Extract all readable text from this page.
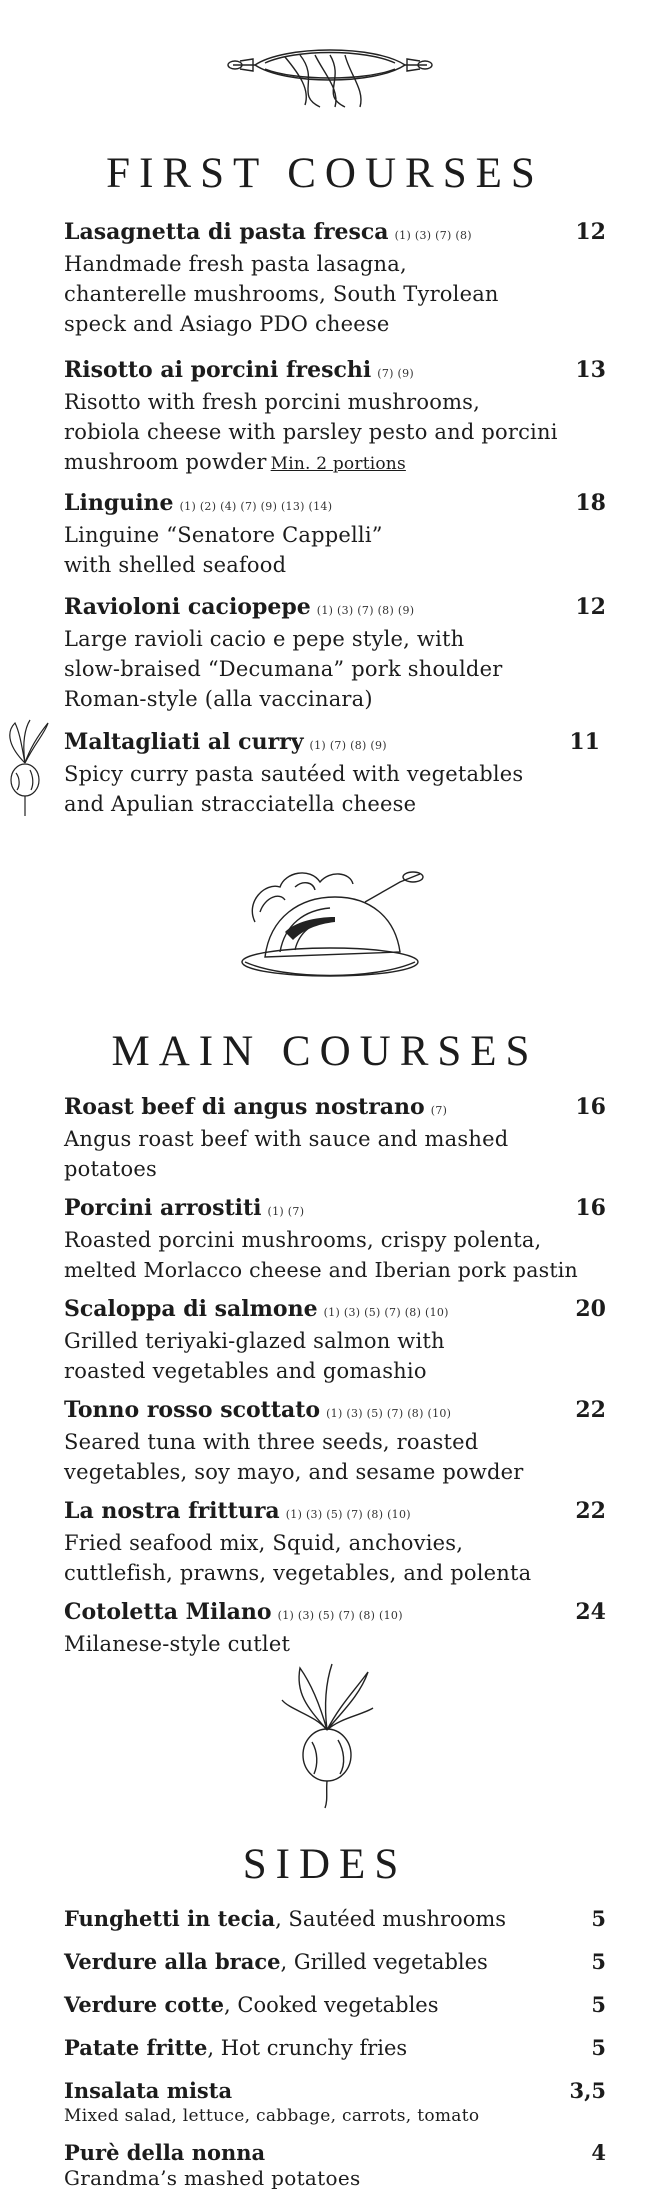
FIRST COURSES
Lasagnetta di pasta fresca (1) (3) (7) (8)	12
Handmade fresh pasta lasagna,
chanterelle mushrooms, South Tyrolean
speck and Asiago PDO cheese
Risotto ai porcini freschi (7) (9)	13
Risotto with fresh porcini mushrooms,
robiola cheese with parsley pesto and porcini
mushroom powder Min. 2 portions
Linguine (1) (2) (4) (7) (9) (13) (14)	18
Linguine “Senatore Cappelli”
with shelled seafood
Ravioloni caciopepe (1) (3) (7) (8) (9)	12
Large ravioli cacio e pepe style, with
slow-braised “Decumana” pork shoulder
Roman-style (alla vaccinara)
Maltagliati al curry (1) (7) (8) (9)	11
Spicy curry pasta sautéed with vegetables
and Apulian stracciatella cheese
MAIN COURSES
Roast beef di angus nostrano (7)	16
Angus roast beef with sauce and mashed
potatoes
Porcini arrostiti (1) (7)	16
Roasted porcini mushrooms, crispy polenta,
melted Morlacco cheese and Iberian pork pastin
Scaloppa di salmone (1) (3) (5) (7) (8) (10)	20
Grilled teriyaki-glazed salmon with
roasted vegetables and gomashio
Tonno rosso scottato (1) (3) (5) (7) (8) (10)	22
Seared tuna with three seeds, roasted
vegetables, soy mayo, and sesame powder
La nostra frittura (1) (3) (5) (7) (8) (10)	22
Fried seafood mix, Squid, anchovies,
cuttlefish, prawns, vegetables, and polenta
Cotoletta Milano (1) (3) (5) (7) (8) (10)	24
Milanese-style cutlet
SIDES
Funghetti in tecia, Sautéed mushrooms	5
Verdure alla brace, Grilled vegetables	5
Verdure cotte, Cooked vegetables	5
Patate fritte, Hot crunchy fries	5
Insalata mista	3,5
Mixed salad, lettuce, cabbage, carrots, tomato
Purè della nonna	4
Grandma’s mashed potatoes
